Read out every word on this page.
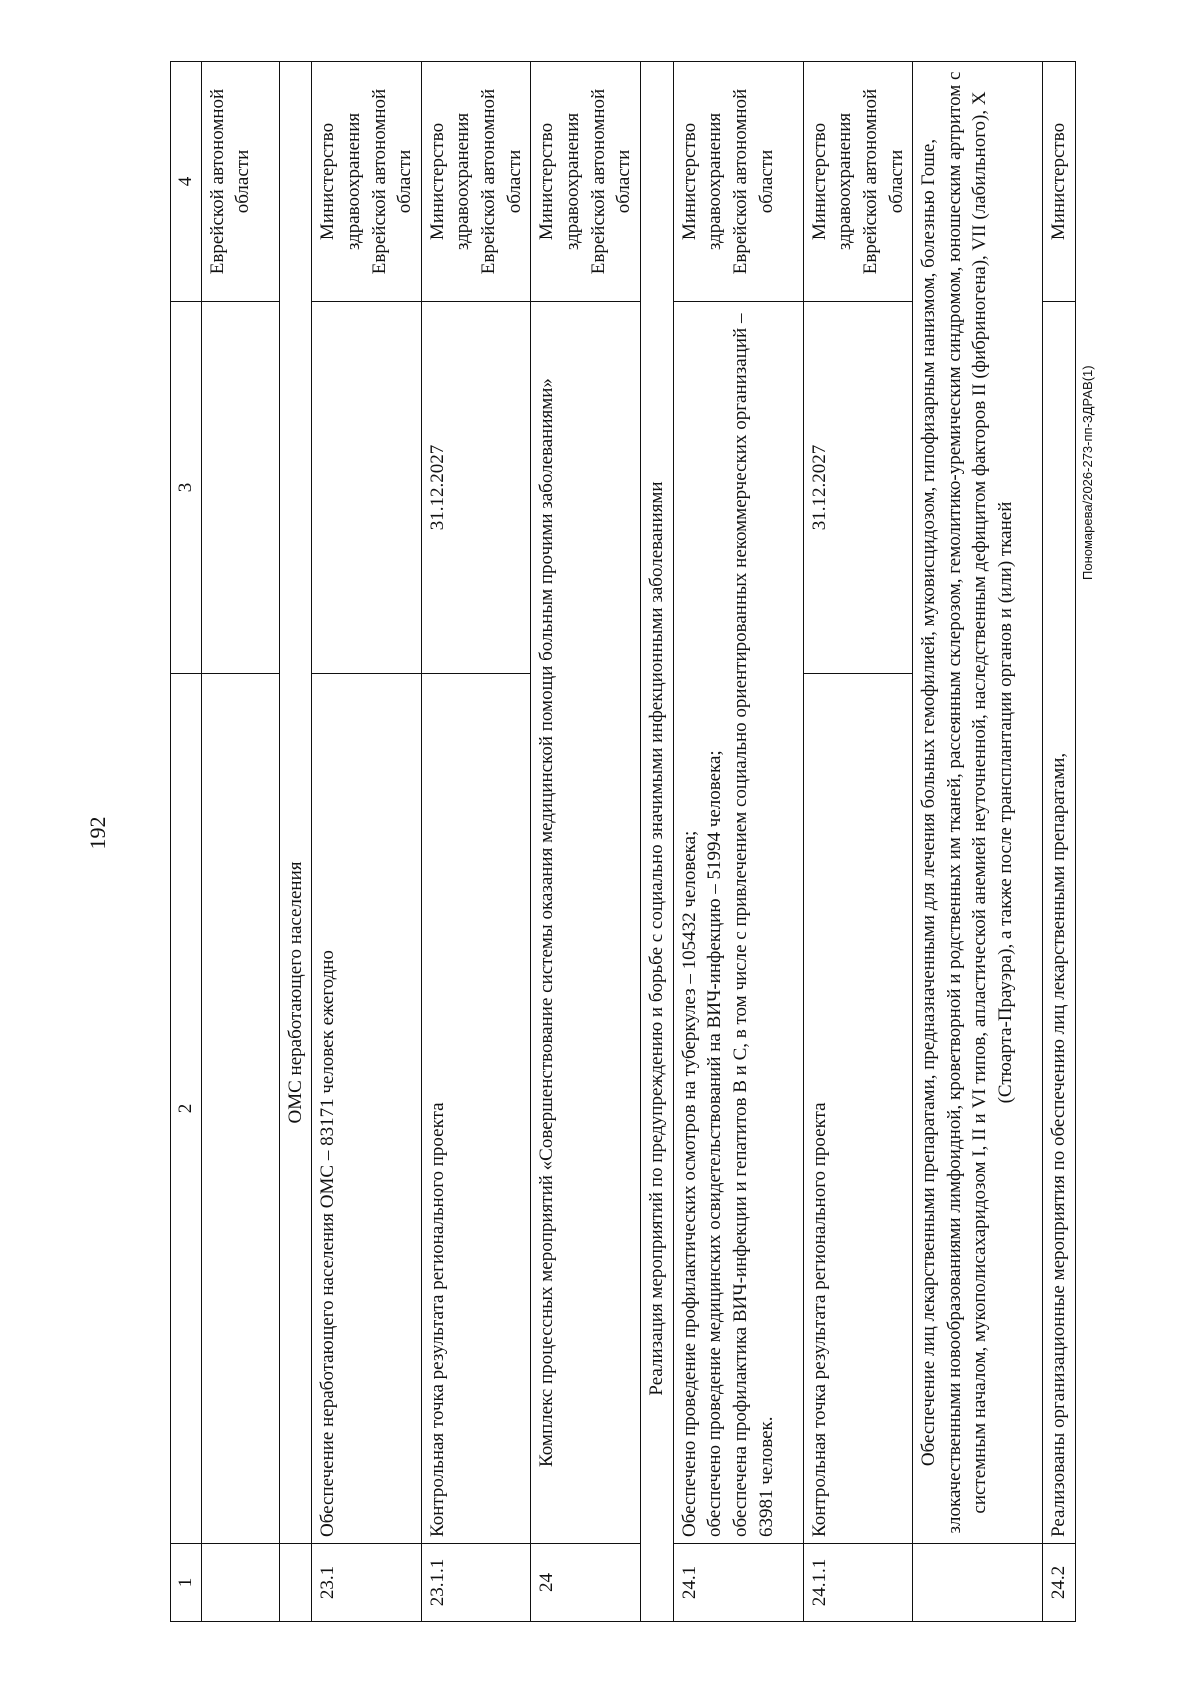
192
Пономарева/2026-273-пп-ЗДРАВ(1)
1	2	3	4
			Еврейской автономной области
	ОМС неработающего населения		
23.1	Обеспечение неработающего населения ОМС – 83171 человек ежегодно		Министерство здравоохранения Еврейской автономной области
23.1.1	Контрольная точка результата регионального проекта	31.12.2027	Министерство здравоохранения Еврейской автономной области
24	Комплекс процессных мероприятий «Совершенствование системы оказания медицинской помощи больным прочими заболеваниями»		Министерство здравоохранения Еврейской автономной области
Реализация мероприятий по предупреждению и борьбе с социально значимыми инфекционными заболеваниями			
24.1	Обеспечено проведение профилактических осмотров на туберкулез – 105432 человека; обеспечено проведение медицинских освидетельствований на ВИЧ-инфекцию – 51994 человека; обеспечена профилактика ВИЧ-инфекции и гепатитов В и С, в том числе с привлечением социально ориентированных некоммерческих организаций – 63981 человек.		Министерство здравоохранения Еврейской автономной области
24.1.1	Контрольная точка результата регионального проекта	31.12.2027	Министерство здравоохранения Еврейской автономной области
	Обеспечение лиц лекарственными препаратами, предназначенными для лечения больных гемофилией, муковисцидозом, гипофизарным нанизмом, болезнью Гоше, злокачественными новообразованиями лимфоидной, кроветворной и родственных им тканей, рассеянным склерозом, гемолитико-уремическим синдромом, юношеским артритом с системным началом, мукополисахаридозом I, II и VI типов, апластической анемией неуточненной, наследственным дефицитом факторов II (фибриногена), VII (лабильного), X (Стюарта-Прауэра), а также после трансплантации органов и (или) тканей		
24.2	Реализованы организационные мероприятия по обеспечению лиц лекарственными препаратами,		Министерство
